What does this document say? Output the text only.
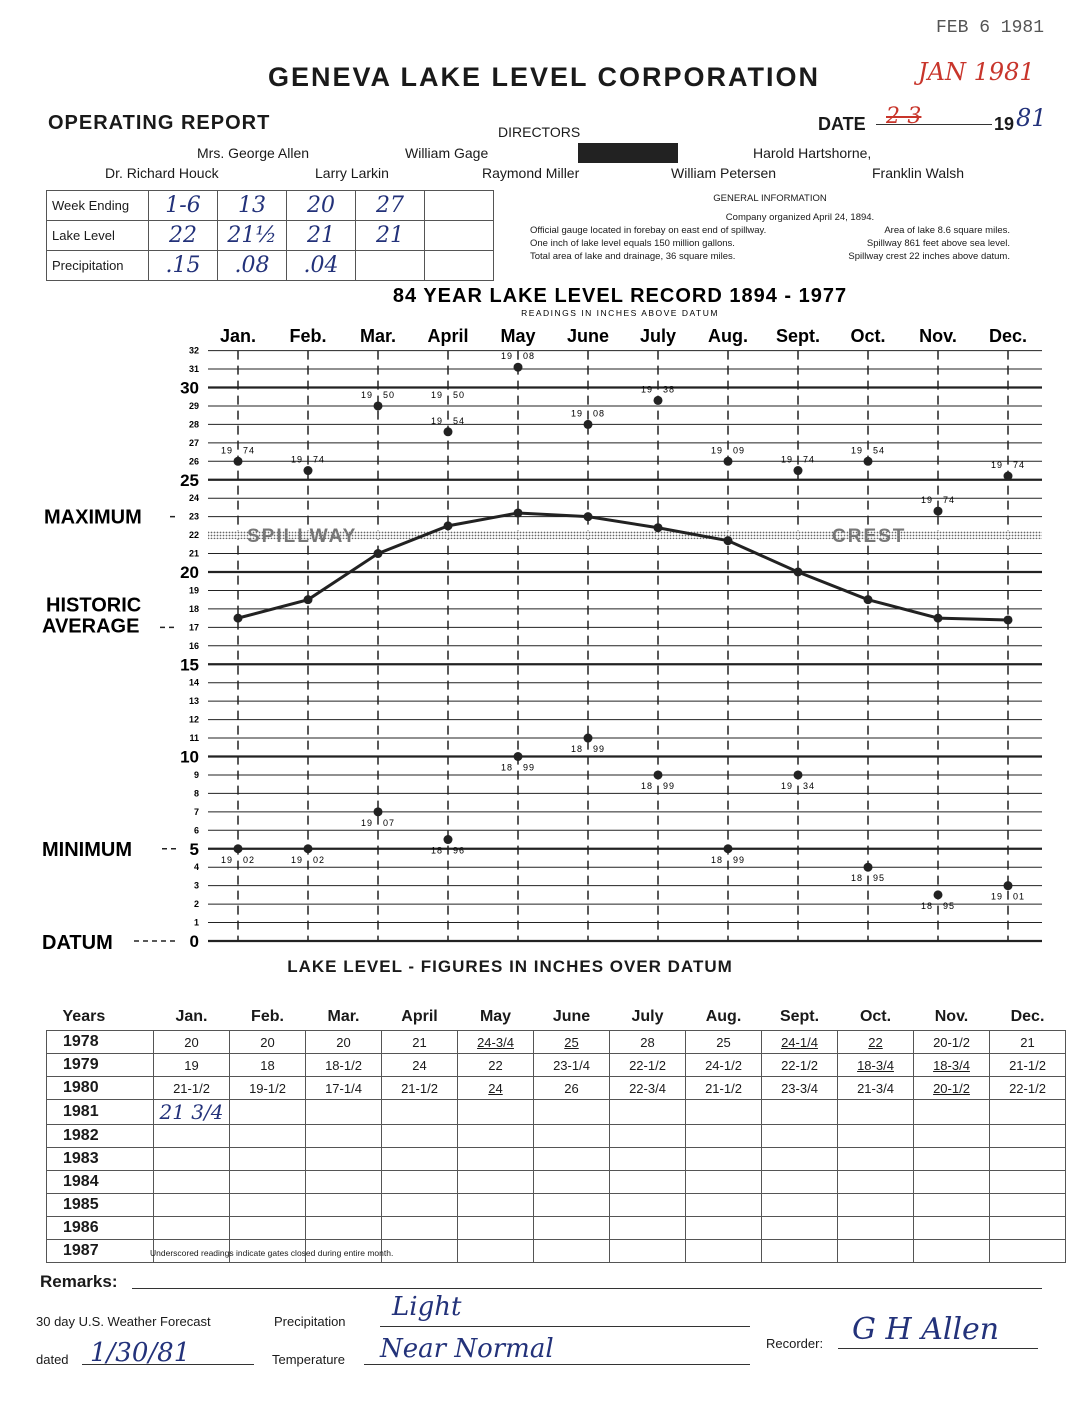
FEB 6 1981
JAN 1981
GENEVA LAKE LEVEL CORPORATION
OPERATING REPORT	DIRECTORS	DATE 2-3	19 81
Mrs. George Allen	William Gage	Harold Hartshorne,
Dr. Richard Houck	Larry Larkin	Raymond Miller	William Petersen	Franklin Walsh
Week Ending	1-6	13	20	27	
Lake Level	22	21½	21	21	
Precipitation	.15	.08	.04		
GENERAL INFORMATION
Company organized April 24, 1894.
Official gauge located in forebay on east end of spillway.	Area of lake 8.6 square miles.
One inch of lake level equals 150 million gallons.	Spillway 861 feet above sea level.
Total area of lake and drainage, 36 square miles.	Spillway crest 22 inches above datum.
84 YEAR LAKE LEVEL RECORD 1894 - 1977
READINGS IN INCHES ABOVE DATUM
SPILLWAY	CREST
Jan. Feb. Mar. April May June July Aug. Sept. Oct. Nov. Dec.
0
1
2
3
4
5
6
7
8
9
10
11
12
13
14
15
16
17
18
19
20
21
22
23
24
25
26
27
28
29
30
31
32
19 74
19 74
19 50
19 54
19 08
19 08
19 38
19 09
19 74
19 54
19 74
19 74
19 02	19 02
19 07
18 96
18 99
18 99
18 99
18 99
19 34
18 95
18 95
19 01
19 50
MAXIMUM
HISTORIC
AVERAGE
MINIMUM
DATUM
LAKE LEVEL - FIGURES IN INCHES OVER DATUM
Years	Jan.	Feb.	Mar.	April	May	June	July	Aug.	Sept.	Oct.	Nov.	Dec.
1978	20	20	20	21	24-3/4	25	28	25	24-1/4	22	20-1/2	21
1979	19	18	18-1/2	24	22	23-1/4	22-1/2	24-1/2	22-1/2	18-3/4	18-3/4	21-1/2
1980	21-1/2	19-1/2	17-1/4	21-1/2	24	26	22-3/4	21-1/2	23-3/4	21-3/4	20-1/2	22-1/2
1981	21 3/4											
1982												
1983												
1984												
1985												
1986												
1987													Underscored readings indicate gates closed during entire month.
Remarks:
30 day U.S. Weather Forecast
dated 1/30/81
Precipitation Light
Temperature Near Normal	Recorder: G H Allen
